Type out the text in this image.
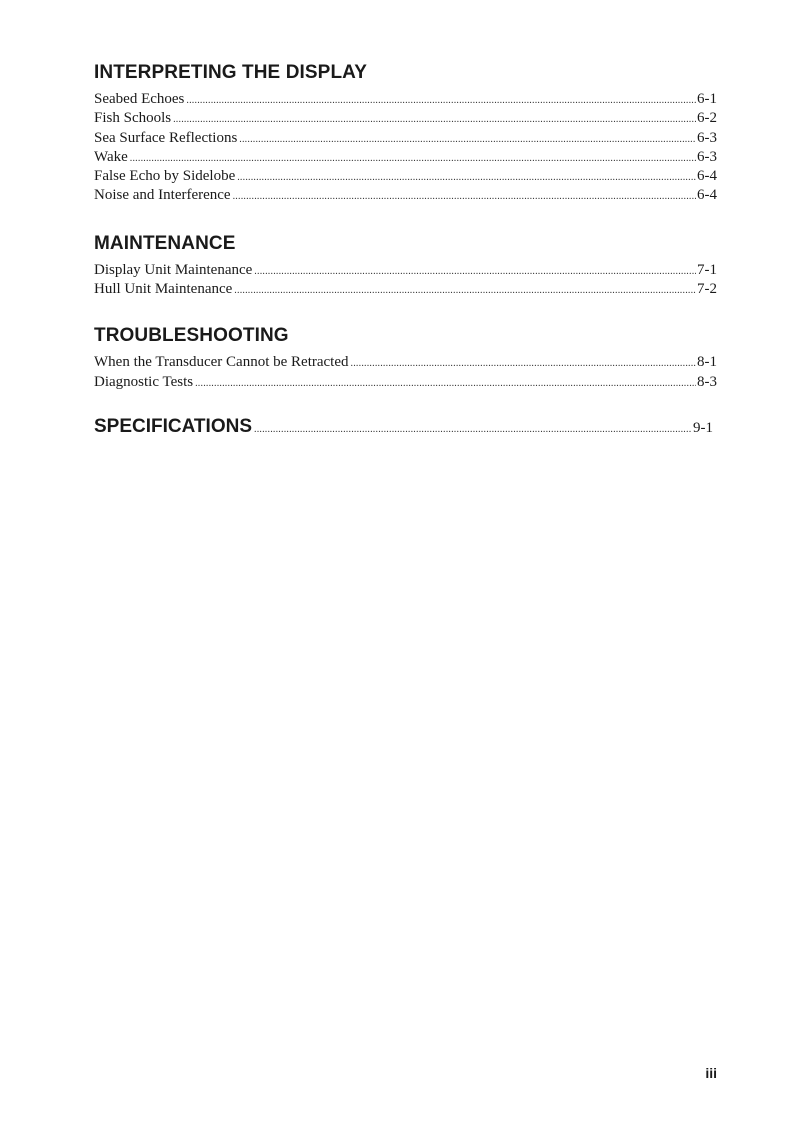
INTERPRETING THE DISPLAY
Seabed Echoes .....	6-1
Fish Schools .....	6-2
Sea Surface Reflections .....	6-3
Wake .....	6-3
False Echo by Sidelobe .....	6-4
Noise and Interference .....	6-4
MAINTENANCE
Display Unit Maintenance .....	7-1
Hull Unit Maintenance .....	7-2
TROUBLESHOOTING
When the Transducer Cannot be Retracted .....	8-1
Diagnostic Tests .....	8-3
SPECIFICATIONS .....	9-1
iii
